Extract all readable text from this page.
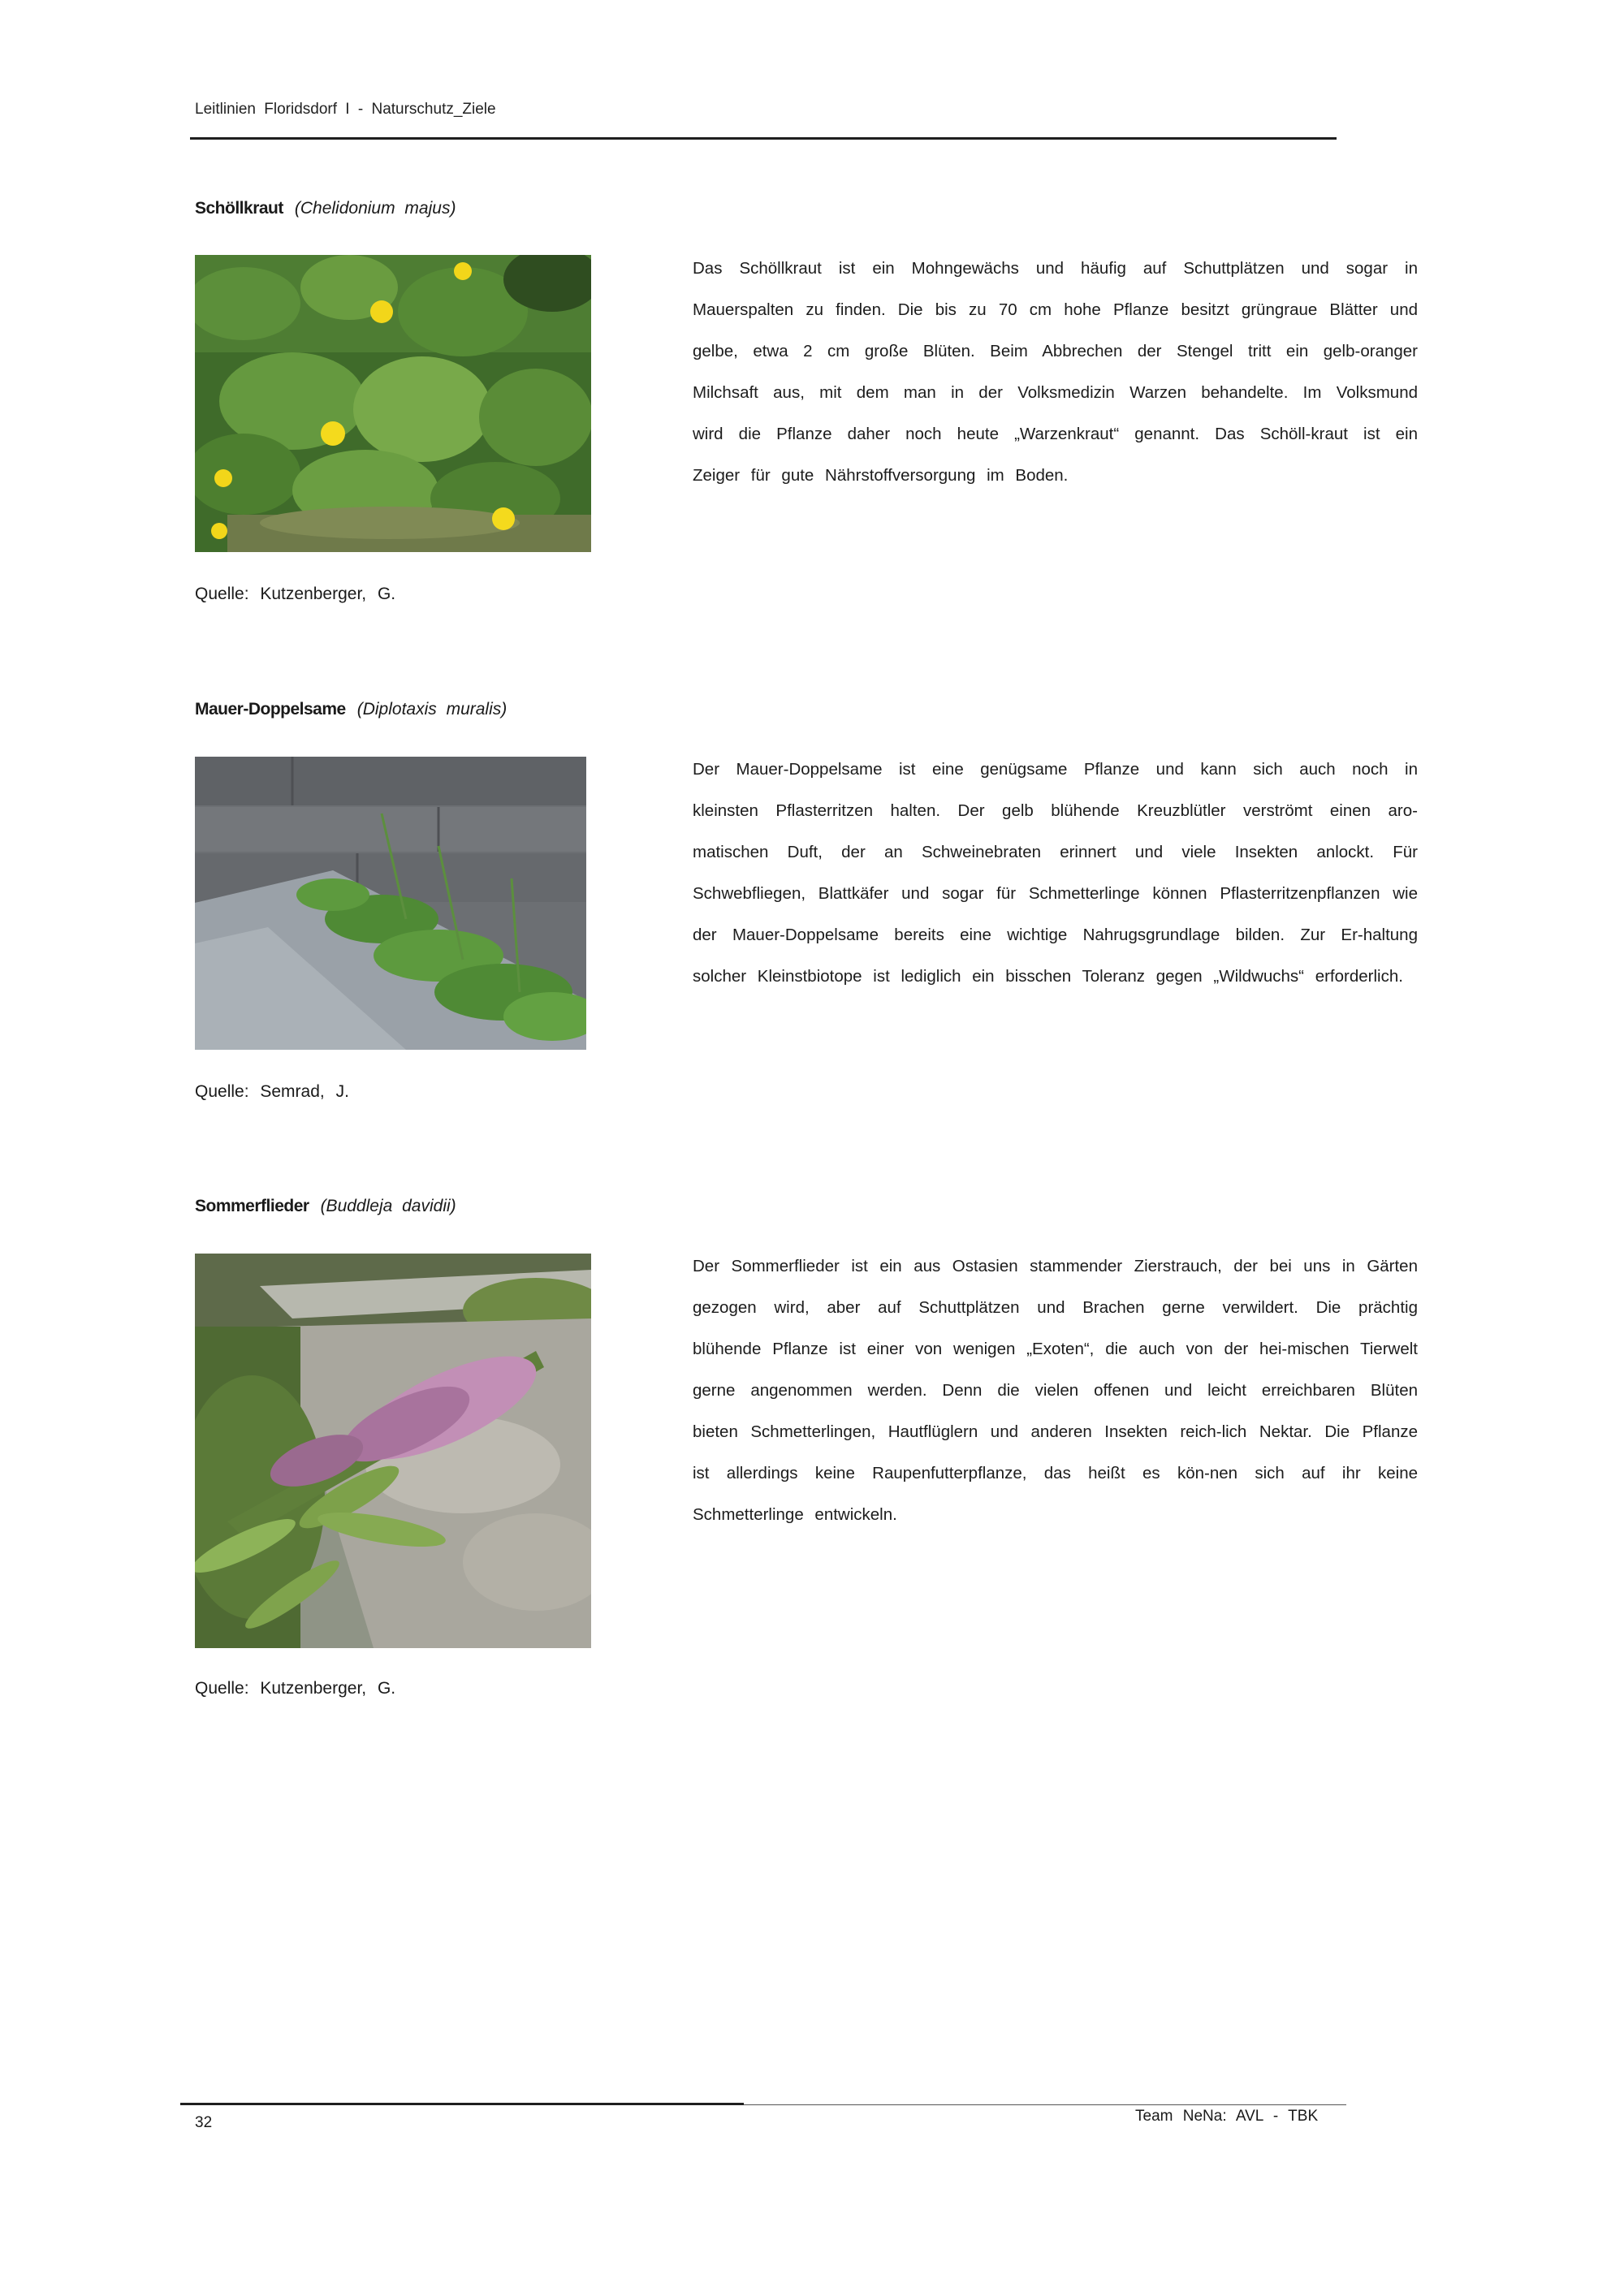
Leitlinien Floridsdorf I - Naturschutz_Ziele
Schöllkraut (Chelidonium majus)

Das Schöllkraut ist ein Mohngewächs und häufig auf Schuttplätzen und sogar in Mauerspalten zu finden. Die bis zu 70 cm hohe Pflanze besitzt grüngraue Blätter und gelbe, etwa 2 cm große Blüten. Beim Abbrechen der Stengel tritt ein gelb-oranger Milchsaft aus, mit dem man in der Volksmedizin Warzen behandelte. Im Volksmund wird die Pflanze daher noch heute „Warzenkraut“ genannt. Das Schöll-kraut ist ein Zeiger für gute Nährstoffversorgung im Boden.

Quelle: Kutzenberger, G.
Mauer-Doppelsame (Diplotaxis muralis)

Der Mauer-Doppelsame ist eine genügsame Pflanze und kann sich auch noch in kleinsten Pflasterritzen halten. Der gelb blühende Kreuzblütler verströmt einen aro-matischen Duft, der an Schweinebraten erinnert und viele Insekten anlockt. Für Schwebfliegen, Blattkäfer und sogar für Schmetterlinge können Pflasterritzenpflanzen wie der Mauer-Doppelsame bereits eine wichtige Nahrugsgrundlage bilden. Zur Er-haltung solcher Kleinstbiotope ist lediglich ein bisschen Toleranz gegen „Wildwuchs“ erforderlich.

Quelle: Semrad, J.
Sommerflieder (Buddleja davidii)

Der Sommerflieder ist ein aus Ostasien stammender Zierstrauch, der bei uns in Gärten gezogen wird, aber auf Schuttplätzen und Brachen gerne verwildert. Die prächtig blühende Pflanze ist einer von wenigen „Exoten“, die auch von der hei-mischen Tierwelt gerne angenommen werden. Denn die vielen offenen und leicht erreichbaren Blüten bieten Schmetterlingen, Hautflüglern und anderen Insekten reich-lich Nektar. Die Pflanze ist allerdings keine Raupenfutterpflanze, das heißt es kön-nen sich auf ihr keine Schmetterlinge entwickeln.

Quelle: Kutzenberger, G.
32	Team NeNa: AVL - TBK
